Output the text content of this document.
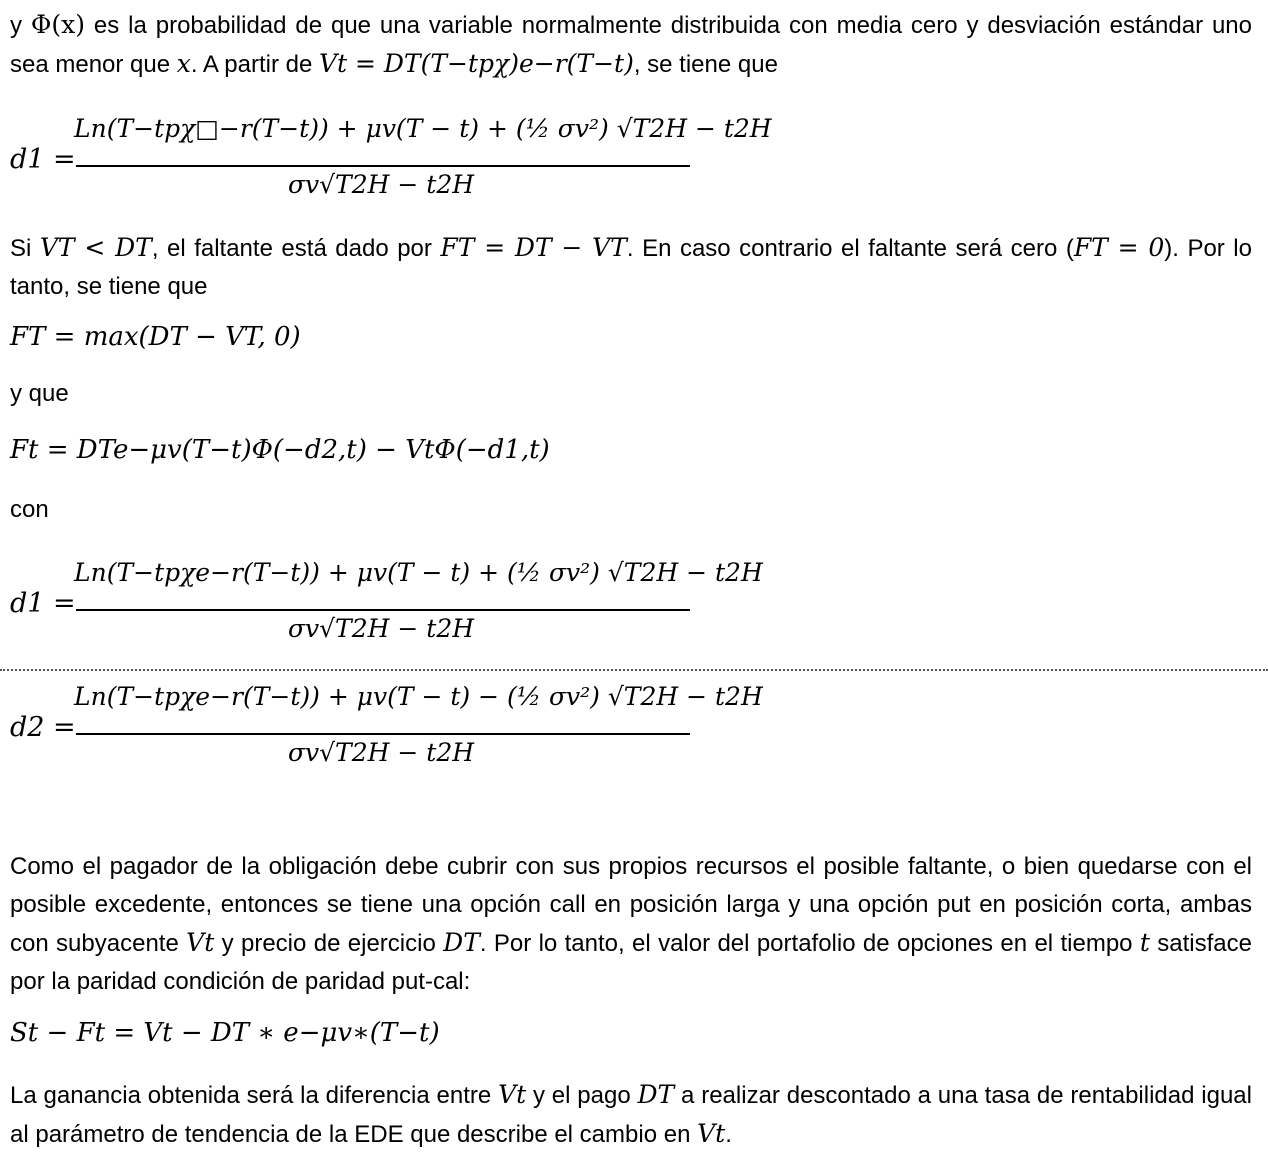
y Φ(x) es la probabilidad de que una variable normalmente distribuida con media cero y desviación estándar uno sea menor que x. A partir de Vt = DT(T−tpχ)e−r(T−t), se tiene que
d1 =
Ln(T−tpχ□−r(T−t)) + μv(T − t) + (½ σv²) √T2H − t2H
σv√T2H − t2H
Si VT < DT, el faltante está dado por FT = DT − VT. En caso contrario el faltante será cero (FT = 0). Por lo tanto, se tiene que
FT = max(DT − VT, 0)
y que
Ft = DTe−μv(T−t)Φ(−d2,t) − VtΦ(−d1,t)
con
d1 =
Ln(T−tpχe−r(T−t)) + μv(T − t) + (½ σv²) √T2H − t2H
σv√T2H − t2H
d2 =
Ln(T−tpχe−r(T−t)) + μv(T − t) − (½ σv²) √T2H − t2H
σv√T2H − t2H
Como el pagador de la obligación debe cubrir con sus propios recursos el posible faltante, o bien quedarse con el posible excedente, entonces se tiene una opción call en posición larga y una opción put en posición corta, ambas con subyacente Vt y precio de ejercicio DT. Por lo tanto, el valor del portafolio de opciones en el tiempo t satisface por la paridad condición de paridad put-cal:
St − Ft = Vt − DT ∗ e−μv∗(T−t)
La ganancia obtenida será la diferencia entre Vt y el pago DT a realizar descontado a una tasa de rentabilidad igual al parámetro de tendencia de la EDE que describe el cambio en Vt.
